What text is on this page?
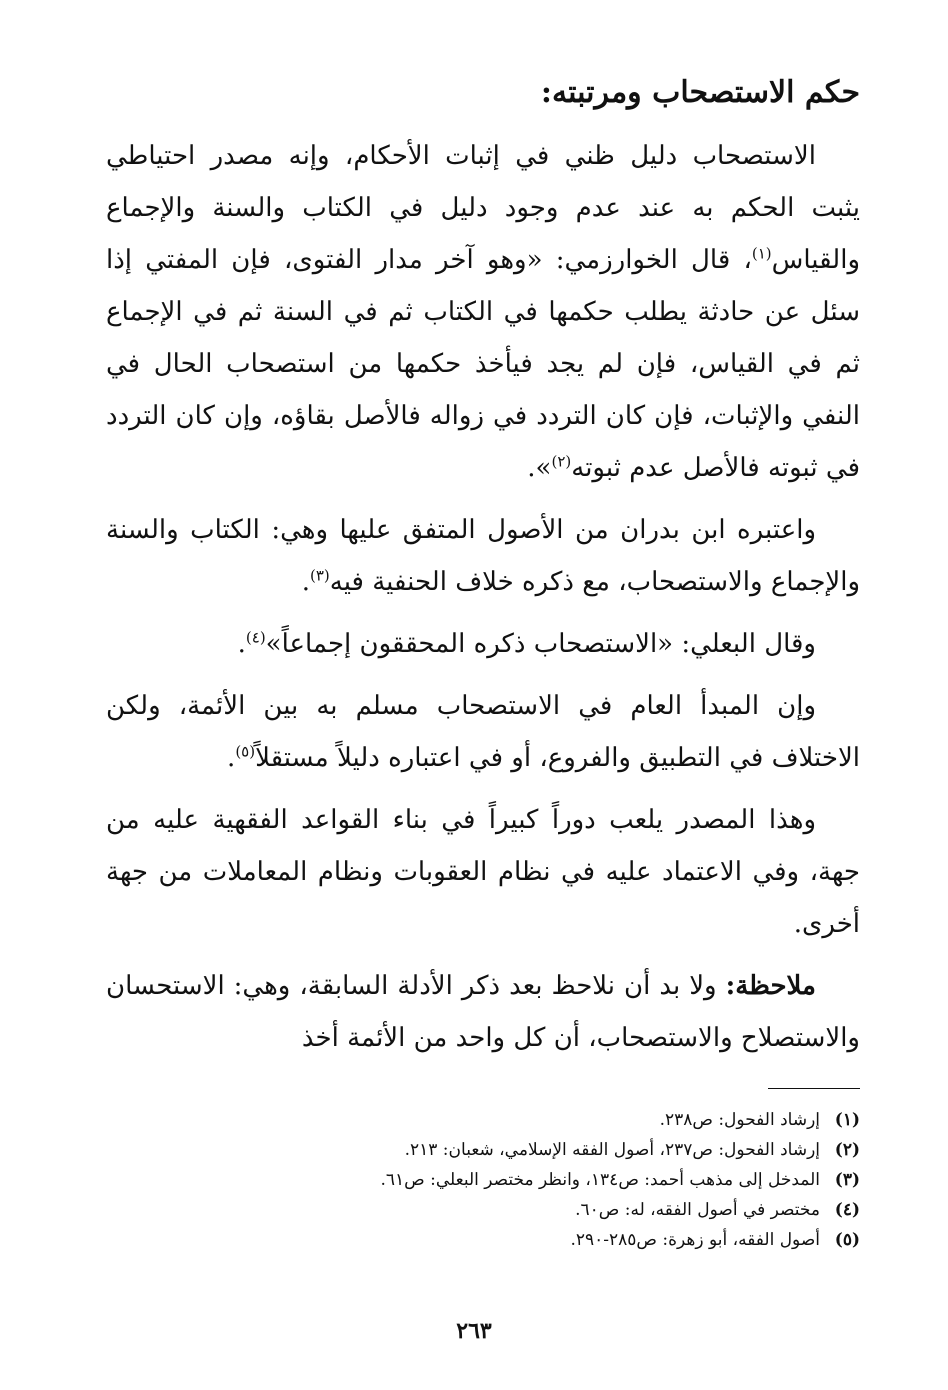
حكم الاستصحاب ومرتبته:

الاستصحاب دليل ظني في إثبات الأحكام، وإنه مصدر احتياطي يثبت الحكم به عند عدم وجود دليل في الكتاب والسنة والإجماع والقياس$^{(١)}$، قال الخوارزمي: «وهو آخر مدار الفتوى، فإن المفتي إذا سئل عن حادثة يطلب حكمها في الكتاب ثم في السنة ثم في الإجماع ثم في القياس، فإن لم يجد فيأخذ حكمها من استصحاب الحال في النفي والإثبات، فإن كان التردد في زواله فالأصل بقاؤه، وإن كان التردد في ثبوته فالأصل عدم ثبوته$^{(٢)}$».

واعتبره ابن بدران من الأصول المتفق عليها وهي: الكتاب والسنة والإجماع والاستصحاب، مع ذكره خلاف الحنفية فيه$^{(٣)}$.

وقال البعلي: «الاستصحاب ذكره المحققون إجماعاً»$^{(٤)}$.

وإن المبدأ العام في الاستصحاب مسلم به بين الأئمة، ولكن الاختلاف في التطبيق والفروع، أو في اعتباره دليلاً مستقلاً$^{(٥)}$.

وهذا المصدر يلعب دوراً كبيراً في بناء القواعد الفقهية عليه من جهة، وفي الاعتماد عليه في نظام العقوبات ونظام المعاملات من جهة أخرى.

ملاحظة: ولا بد أن نلاحظ بعد ذكر الأدلة السابقة، وهي: الاستحسان والاستصلاح والاستصحاب، أن كل واحد من الأئمة أخذ

(١)
إرشاد الفحول: ص٢٣٨.
(٢)
إرشاد الفحول: ص٢٣٧، أصول الفقه الإسلامي، شعبان: ٢١٣.
(٣)
المدخل إلى مذهب أحمد: ص١٣٤، وانظر مختصر البعلي: ص٦١.
(٤)
مختصر في أصول الفقه، له: ص٦٠.
(٥)
أصول الفقه، أبو زهرة: ص٢٨٥-٢٩٠.
٢٦٣
